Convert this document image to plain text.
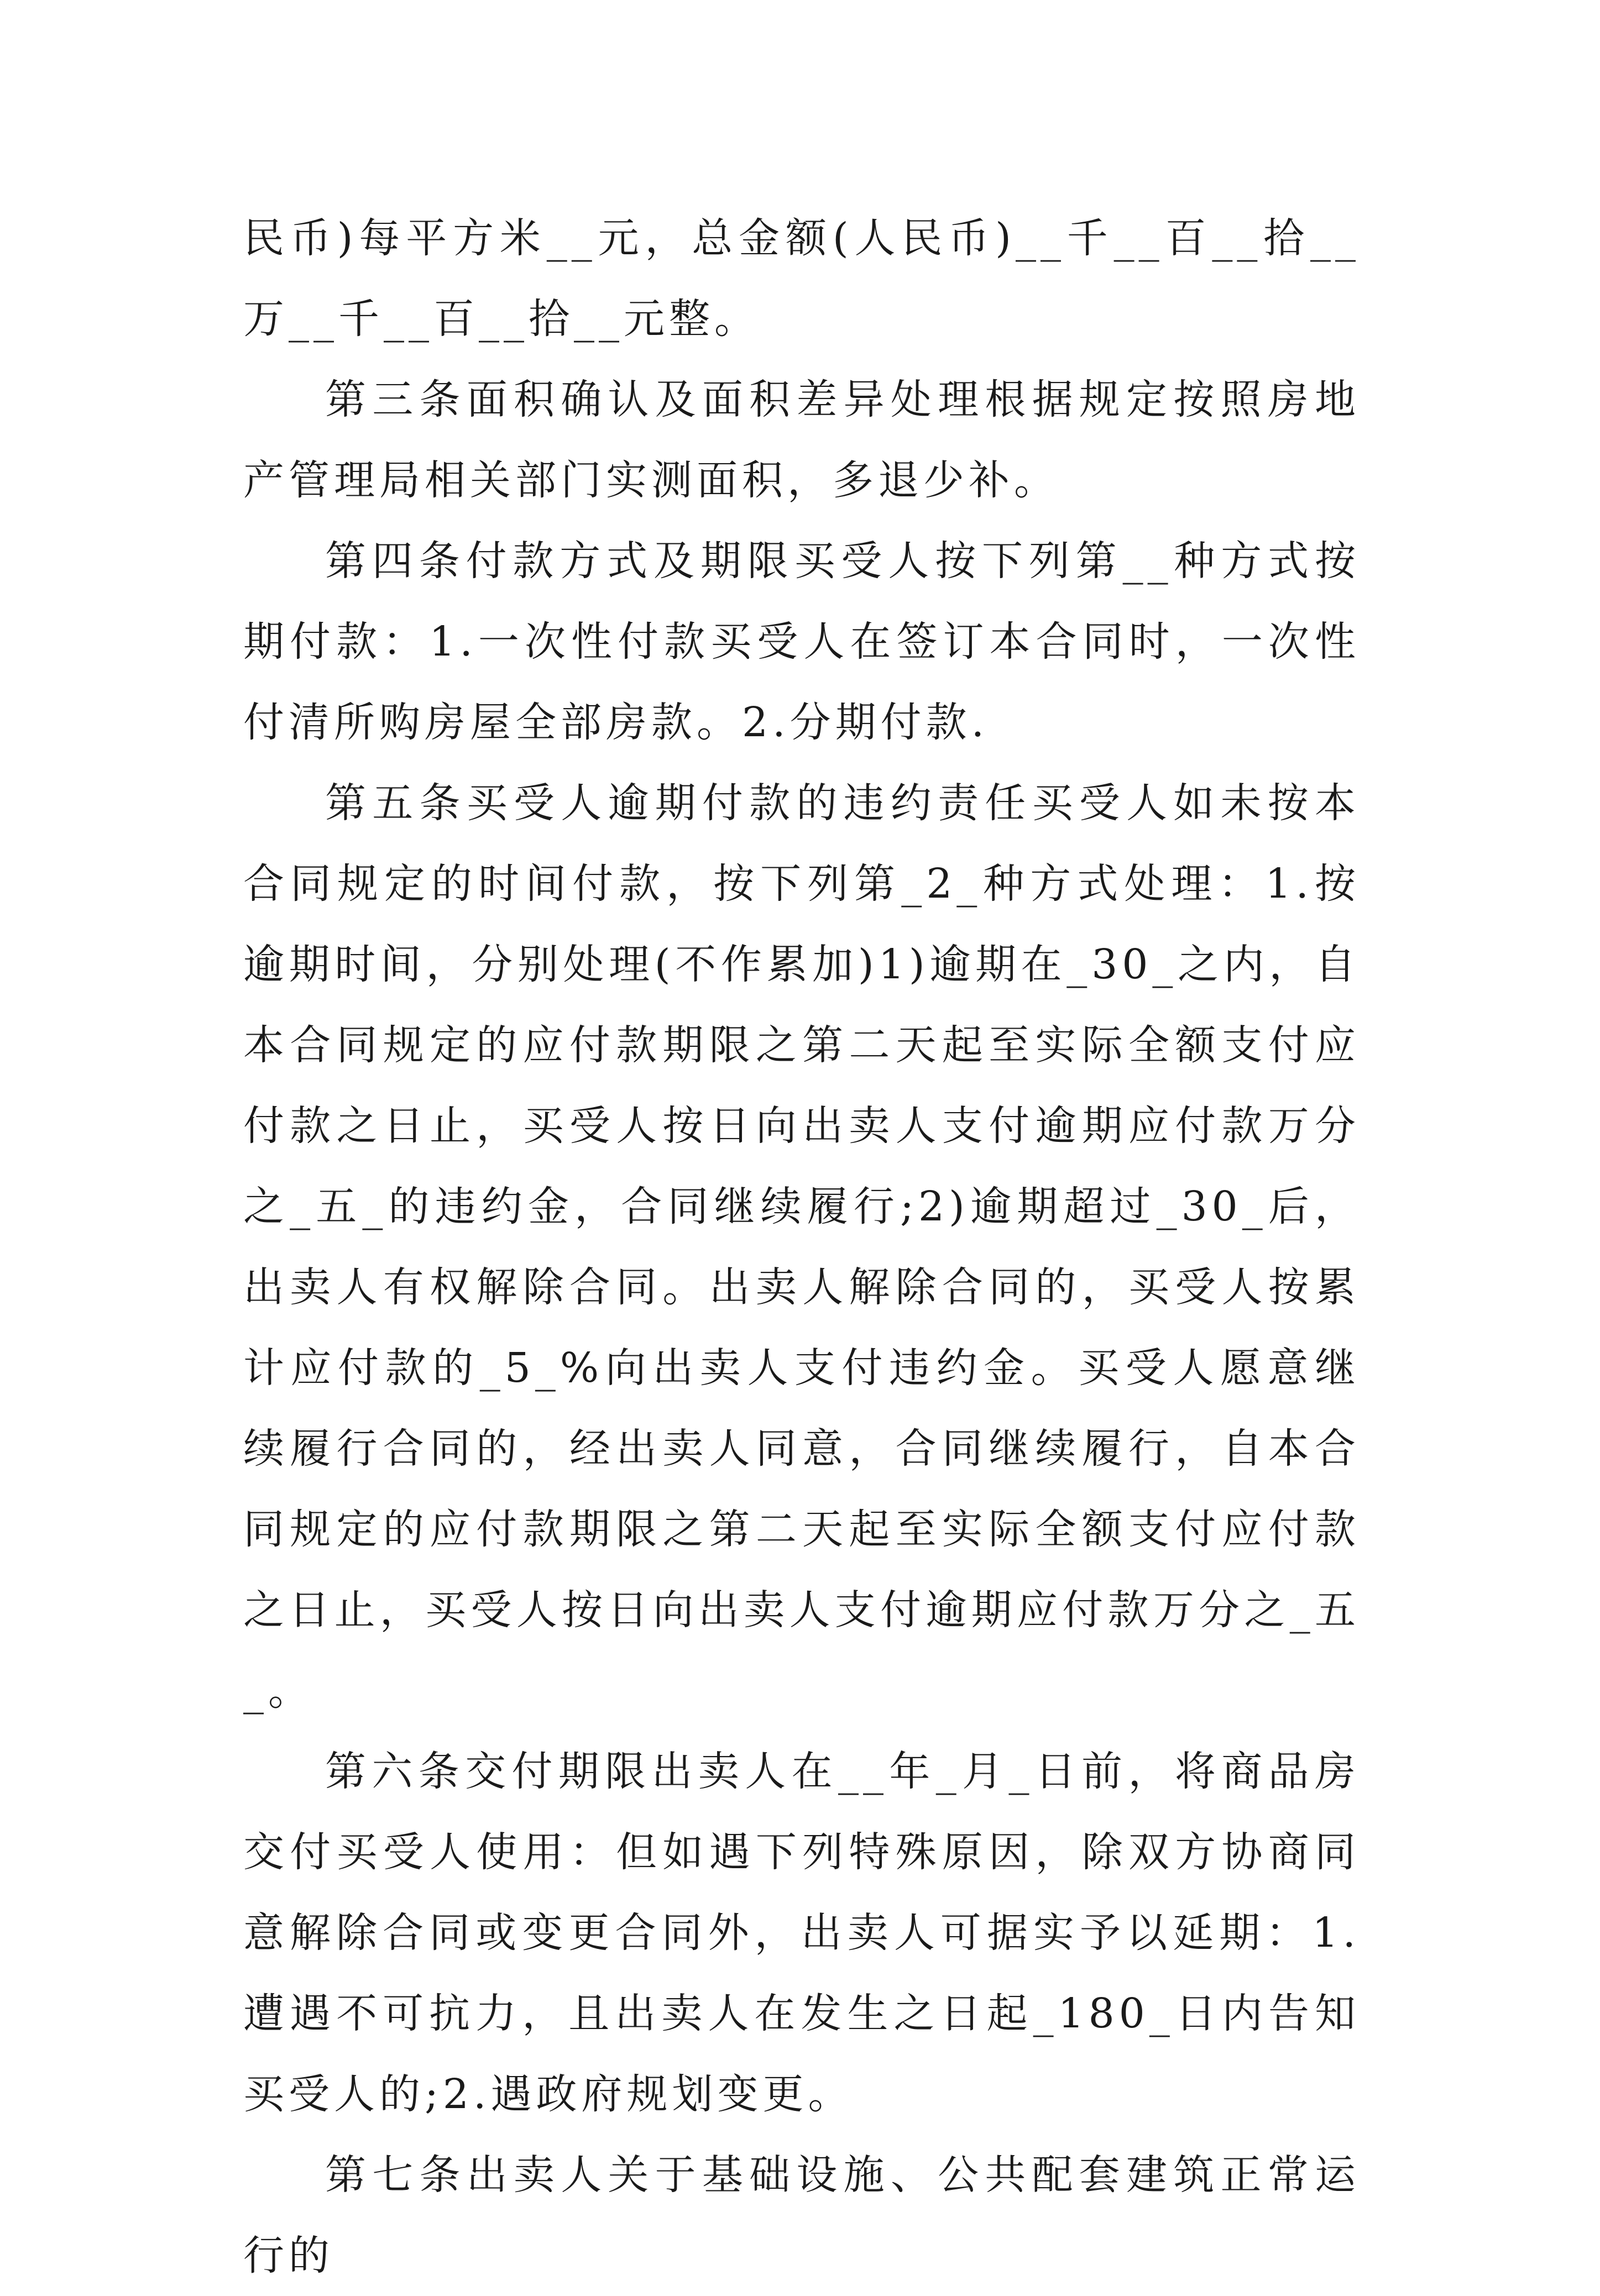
民币)每平方米__元，总金额(人民币)__千__百__拾__万__千__百__拾__元整。

第三条面积确认及面积差异处理根据规定按照房地产管理局相关部门实测面积，多退少补。

第四条付款方式及期限买受人按下列第__种方式按期付款：1.一次性付款买受人在签订本合同时，一次性付清所购房屋全部房款。2.分期付款.

第五条买受人逾期付款的违约责任买受人如未按本合同规定的时间付款，按下列第_2_种方式处理：1.按逾期时间，分别处理(不作累加)1)逾期在_30_之内，自本合同规定的应付款期限之第二天起至实际全额支付应付款之日止，买受人按日向出卖人支付逾期应付款万分之_五_的违约金，合同继续履行;2)逾期超过_30_后，出卖人有权解除合同。出卖人解除合同的，买受人按累计应付款的_5_%向出卖人支付违约金。买受人愿意继续履行合同的，经出卖人同意，合同继续履行，自本合同规定的应付款期限之第二天起至实际全额支付应付款之日止，买受人按日向出卖人支付逾期应付款万分之_五_。

第六条交付期限出卖人在__年_月_日前，将商品房交付买受人使用：但如遇下列特殊原因，除双方协商同意解除合同或变更合同外，出卖人可据实予以延期：1.遭遇不可抗力，且出卖人在发生之日起_180_日内告知买受人的;2.遇政府规划变更。

第七条出卖人关于基础设施、公共配套建筑正常运行的
